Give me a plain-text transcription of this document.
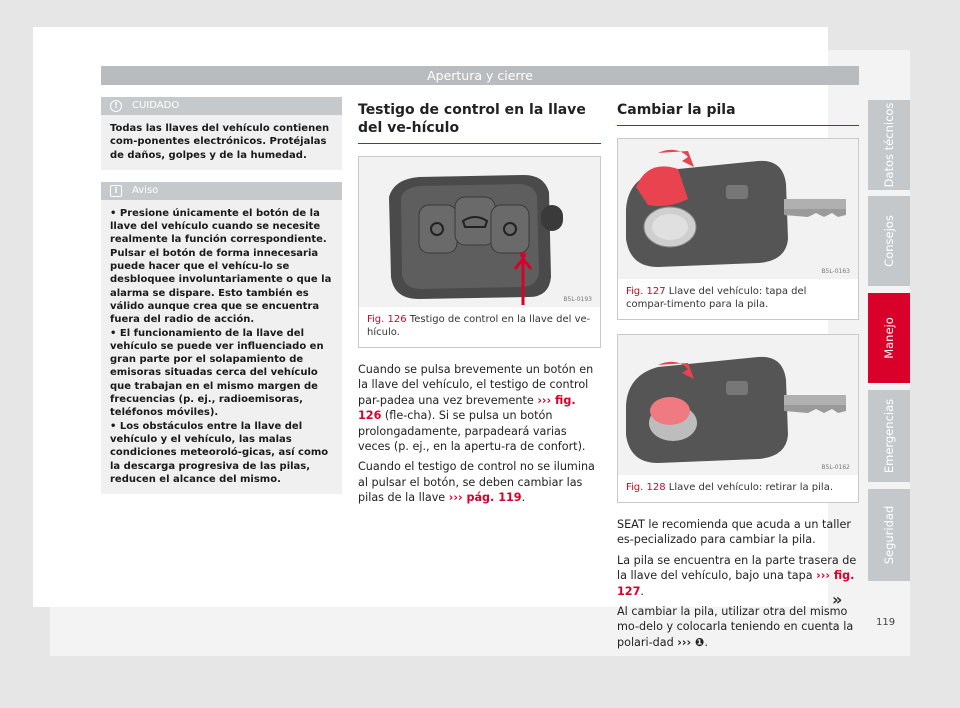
Apertura y cierre
!	CUIDADO
Todas las llaves del vehículo contienen com-ponentes electrónicos. Protéjalas de daños, golpes y de la humedad.
i	Aviso

• Presione únicamente el botón de la llave del vehículo cuando se necesite realmente la función correspondiente. Pulsar el botón de forma innecesaria puede hacer que el vehícu-lo se desbloquee involuntariamente o que la alarma se dispare. Esto también es válido aunque crea que se encuentra fuera del radio de acción.

• El funcionamiento de la llave del vehículo se puede ver influenciado en gran parte por el solapamiento de emisoras situadas cerca del vehículo que trabajan en el mismo margen de frecuencias (p. ej., radioemisoras, teléfonos móviles).

• Los obstáculos entre la llave del vehículo y el vehículo, las malas condiciones meteoroló-gicas, así como la descarga progresiva de las pilas, reducen el alcance del mismo.

Testigo de control en la llave del ve-hículo
B5L-0193
Fig. 126 Testigo de control en la llave del ve-hículo.

Cuando se pulsa brevemente un botón en la llave del vehículo, el testigo de control par-padea una vez brevemente ››› fig. 126 (fle-cha). Si se pulsa un botón prolongadamente, parpadeará varias veces (p. ej., en la apertu-ra de confort).

Cuando el testigo de control no se ilumina al pulsar el botón, se deben cambiar las pilas de la llave ››› pág. 119.

Cambiar la pila
B5L-0163
Fig. 127 Llave del vehículo: tapa del compar-timento para la pila.
B5L-0162
Fig. 128 Llave del vehículo: retirar la pila.

SEAT le recomienda que acuda a un taller es-pecializado para cambiar la pila.

La pila se encuentra en la parte trasera de la llave del vehículo, bajo una tapa ››› fig. 127.

Al cambiar la pila, utilizar otra del mismo mo-delo y colocarla teniendo en cuenta la polari-dad ››› ❶.

Datos técnicos
Consejos
Manejo
Emergencias
Seguridad
»
119
